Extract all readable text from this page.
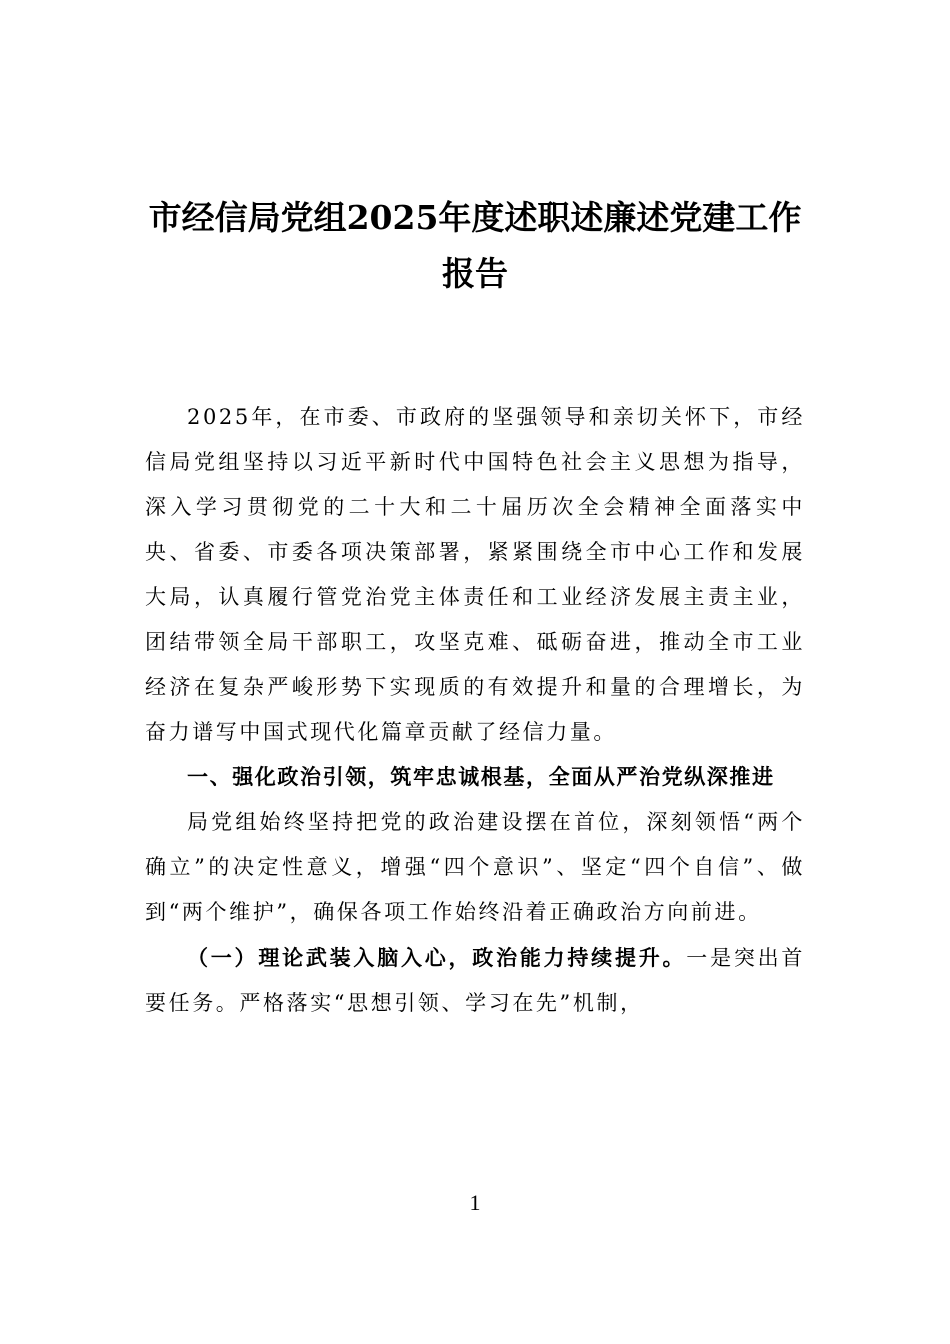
市经信局党组2025年度述职述廉述党建工作报告

2025年，在市委、市政府的坚强领导和亲切关怀下，市经信局党组坚持以习近平新时代中国特色社会主义思想为指导，深入学习贯彻党的二十大和二十届历次全会精神全面落实中央、省委、市委各项决策部署，紧紧围绕全市中心工作和发展大局，认真履行管党治党主体责任和工业经济发展主责主业，团结带领全局干部职工，攻坚克难、砥砺奋进，推动全市工业经济在复杂严峻形势下实现质的有效提升和量的合理增长，为奋力谱写中国式现代化篇章贡献了经信力量。

一、强化政治引领，筑牢忠诚根基，全面从严治党纵深推进

局党组始终坚持把党的政治建设摆在首位，深刻领悟“两个确立”的决定性意义，增强“四个意识”、坚定“四个自信”、做到“两个维护”，确保各项工作始终沿着正确政治方向前进。

（一）理论武装入脑入心，政治能力持续提升。一是突出首要任务。严格落实“思想引领、学习在先”机制，

1
